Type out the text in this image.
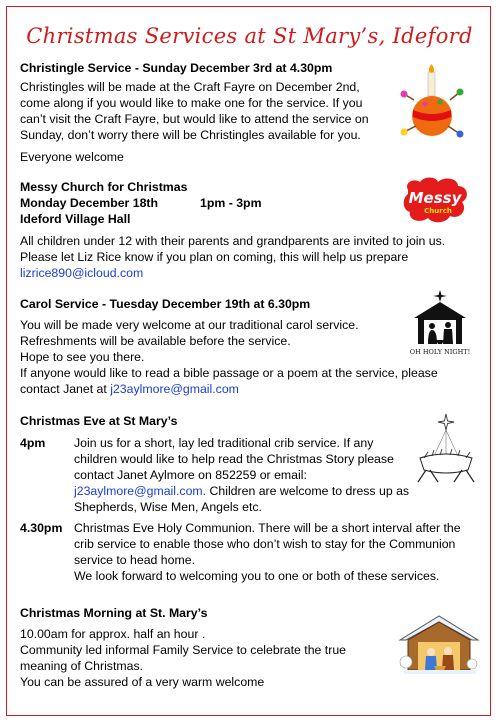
Christmas Services at St Mary’s, Ideford
Christingle Service - Sunday December 3rd at 4.30pm
Christingles will be made at the Craft Fayre on December 2nd,
come along if you would like to make one for the service. If you
can’t visit the Craft Fayre, but would like to attend the service on
Sunday, don’t worry there will be Christingles available for you.
Everyone welcome
Messy Church for Christmas
Monday December 18th	1pm - 3pm
Ideford Village Hall
All children under 12 with their parents and grandparents are invited to join us.
Please let Liz Rice know if you plan on coming, this will help us prepare
lizrice890@icloud.com
Messy
Church
Carol Service - Tuesday December 19th at 6.30pm
You will be made very welcome at our traditional carol service.
Refreshments will be available before the service.
Hope to see you there.
If anyone would like to read a bible passage or a poem at the service, please
contact Janet at j23aylmore@gmail.com
OH HOLY NIGHT!
Christmas Eve at St Mary’s
4pm Join us for a short, lay led traditional crib service. If any
children would like to help read the Christmas Story please
contact Janet Aylmore on 852259 or email:
j23aylmore@gmail.com. Children are welcome to dress up as
Shepherds, Wise Men, Angels etc.
4.30pm Christmas Eve Holy Communion. There will be a short interval after the
crib service to enable those who don’t wish to stay for the Communion
service to head home.
We look forward to welcoming you to one or both of these services.
Christmas Morning at St. Mary’s
10.00am for approx. half an hour .
Community led informal Family Service to celebrate the true
meaning of Christmas.
You can be assured of a very warm welcome
